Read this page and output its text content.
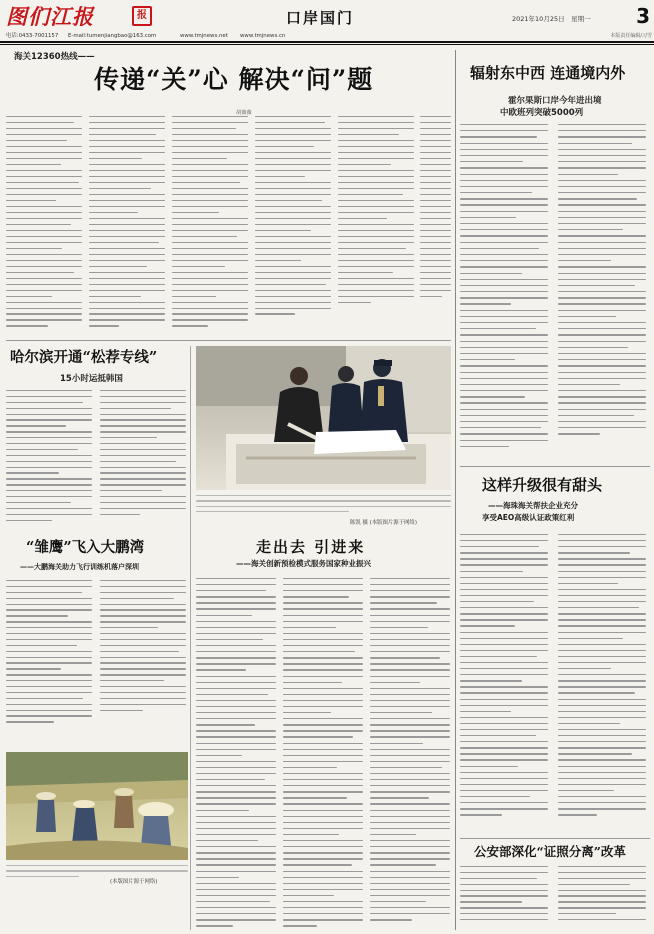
图们江报	报	口岸国门	2021年10月25日　星期一	3
电话:0433-7001157 E-mail:tumenjiangbao@163.com	www.tmjnews.net www.tmjnews.cn	本版责任编辑/习雪
海关12360热线——
传递“关”心 解决“问”题
胡薇薇
辐射东中西 连通境内外
霍尔果斯口岸今年进出境
中欧班列突破5000列
哈尔滨开通“松荐专线”
15小时运抵韩国
陈凯 摄 (本版图片源于网络)
“雏鹰”飞入大鹏湾
——大鹏海关助力飞行训练机落户深圳
(本版图片源于网络)
走出去 引进来
——海关创新预检模式服务国家种业振兴
这样升级很有甜头
——海珠海关帮扶企业充分
享受AEO高级认证政策红利
公安部深化“证照分离”改革
